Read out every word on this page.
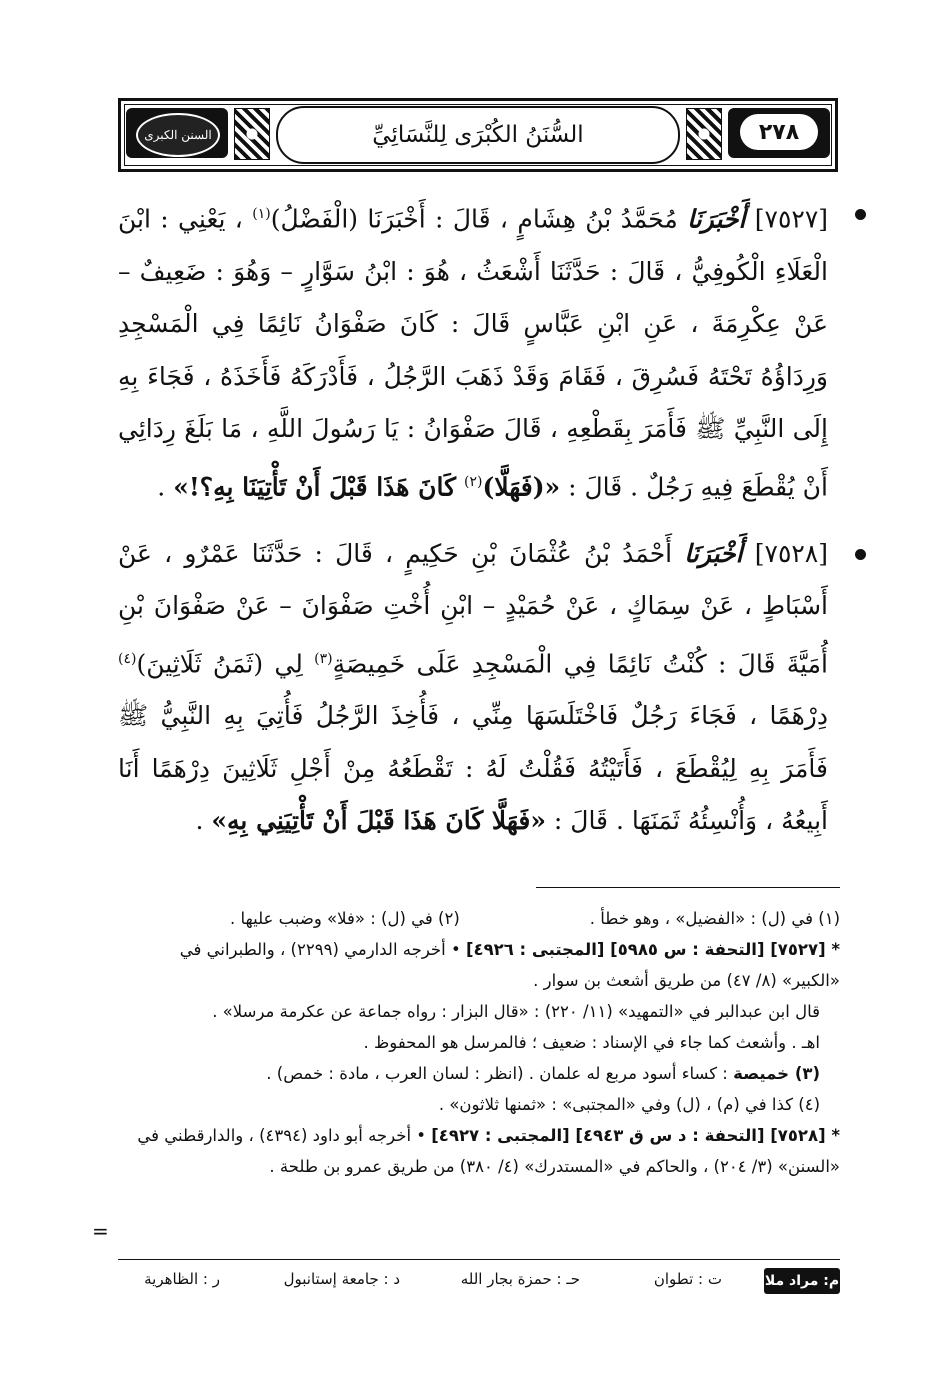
السنن الكبرى	السُّنَنُ الكُبْرَى لِلنَّسَائِيِّ	٢٧٨

[٧٥٢٧] أَخْبَرَنَا مُحَمَّدُ بْنُ هِشَامٍ ، قَالَ : أَخْبَرَنَا (الْفَضْلُ)$^{(١)}$ ، يَعْنِي : ابْنَ الْعَلَاءِ الْكُوفِيُّ ، قَالَ : حَدَّثَنَا أَشْعَثُ ، هُوَ : ابْنُ سَوَّارٍ – وَهُوَ : ضَعِيفٌ – عَنْ عِكْرِمَةَ ، عَنِ ابْنِ عَبَّاسٍ قَالَ : كَانَ صَفْوَانُ نَائِمًا فِي الْمَسْجِدِ وَرِدَاؤُهُ تَحْتَهُ فَسُرِقَ ، فَقَامَ وَقَدْ ذَهَبَ الرَّجُلُ ، فَأَدْرَكَهُ فَأَخَذَهُ ، فَجَاءَ بِهِ إِلَى النَّبِيِّ ﷺ فَأَمَرَ بِقَطْعِهِ ، قَالَ صَفْوَانُ : يَا رَسُولَ اللَّهِ ، مَا بَلَغَ رِدَائِي أَنْ يُقْطَعَ فِيهِ رَجُلٌ . قَالَ : «(فَهَلَّا)$^{(٢)}$ كَانَ هَذَا قَبْلَ أَنْ تَأْتِيَنَا بِهِ؟!» .

[٧٥٢٨] أَخْبَرَنَا أَحْمَدُ بْنُ عُثْمَانَ بْنِ حَكِيمٍ ، قَالَ : حَدَّثَنَا عَمْرٌو ، عَنْ أَسْبَاطٍ ، عَنْ سِمَاكٍ ، عَنْ حُمَيْدٍ – ابْنِ أُخْتِ صَفْوَانَ – عَنْ صَفْوَانَ بْنِ أُمَيَّةَ قَالَ : كُنْتُ نَائِمًا فِي الْمَسْجِدِ عَلَى خَمِيصَةٍ$^{(٣)}$ لِي (ثَمَنُ ثَلَاثِينَ)$^{(٤)}$ دِرْهَمًا ، فَجَاءَ رَجُلٌ فَاخْتَلَسَهَا مِنِّي ، فَأُخِذَ الرَّجُلُ فَأُتِيَ بِهِ النَّبِيُّ ﷺ فَأَمَرَ بِهِ لِيُقْطَعَ ، فَأَتَيْتُهُ فَقُلْتُ لَهُ : تَقْطَعُهُ مِنْ أَجْلِ ثَلَاثِينَ دِرْهَمًا أَنَا أَبِيعُهُ ، وَأُنْسِئُهُ ثَمَنَهَا . قَالَ : «فَهَلَّا كَانَ هَذَا قَبْلَ أَنْ تَأْتِيَنِي بِهِ» .

(١) في (ل) : «الفضيل» ، وهو خطأ .
(٢) في (ل) : «فلا» وضبب عليها .

* [٧٥٢٧] [التحفة : س ٥٩٨٥] [المجتبى : ٤٩٢٦] • أخرجه الدارمي (٢٢٩٩) ، والطبراني في «الكبير» (٨/ ٤٧) من طريق أشعث بن سوار .

قال ابن عبدالبر في «التمهيد» (١١/ ٢٢٠) : «قال البزار : رواه جماعة عن عكرمة مرسلا» .

اهـ . وأشعث كما جاء في الإسناد : ضعيف ؛ فالمرسل هو المحفوظ .

(٣) خميصة : كساء أسود مربع له علمان . (انظر : لسان العرب ، مادة : خمص) .

(٤) كذا في (م) ، (ل) وفي «المجتبى» : «ثمنها ثلاثون» .

* [٧٥٢٨] [التحفة : د س ق ٤٩٤٣] [المجتبى : ٤٩٢٧] • أخرجه أبو داود (٤٣٩٤) ، والدارقطني في «السنن» (٣/ ٢٠٤) ، والحاكم في «المستدرك» (٤/ ٣٨٠) من طريق عمرو بن طلحة .

=
م: مراد ملا
ت : تطوان
حـ : حمزة بجار الله
د : جامعة إستانبول
ر : الظاهرية
